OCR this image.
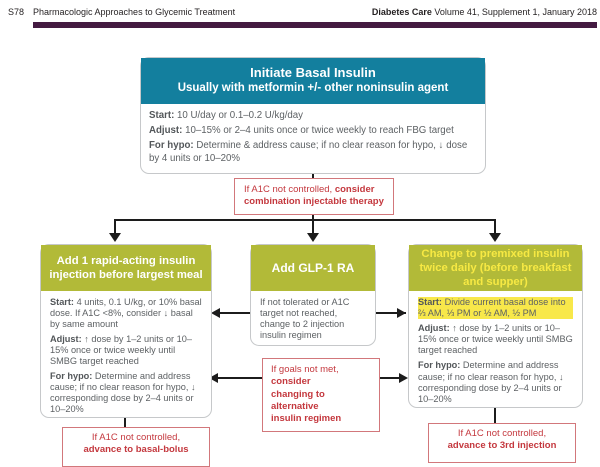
S78 Pharmacologic Approaches to Glycemic Treatment	Diabetes Care Volume 41, Supplement 1, January 2018
Initiate Basal Insulin
Usually with metformin +/- other noninsulin agent

Start: 10 U/day or 0.1–0.2 U/kg/day

Adjust: 10–15% or 2–4 units once or twice weekly to reach FBG target

For hypo: Determine & address cause; if no clear reason for hypo, ↓ dose by 4 units or 10–20%

If A1C not controlled, consider
combination injectable therapy
Add 1 rapid-acting insulin injection before largest meal

Start: 4 units, 0.1 U/kg, or 10% basal dose. If A1C <8%, consider ↓ basal by same amount

Adjust: ↑ dose by 1–2 units or 10–15% once or twice weekly until SMBG target reached

For hypo: Determine and address cause; if no clear reason for hypo, ↓ corresponding dose by 2–4 units or 10–20%

Add GLP-1 RA

If not tolerated or A1C target not reached, change to 2 injection insulin regimen

Change to premixed insulin twice daily (before breakfast and supper)

Start: Divide current basal dose into ⅔ AM, ⅓ PM or ½ AM, ½ PM

Adjust: ↑ dose by 1–2 units or 10–15% once or twice weekly until SMBG target reached

For hypo: Determine and address cause; if no clear reason for hypo, ↓ corresponding dose by 2–4 units or 10–20%

If goals not met, consider
changing to alternative
insulin regimen
If A1C not controlled,
advance to basal-bolus
If A1C not controlled,
advance to 3rd injection
